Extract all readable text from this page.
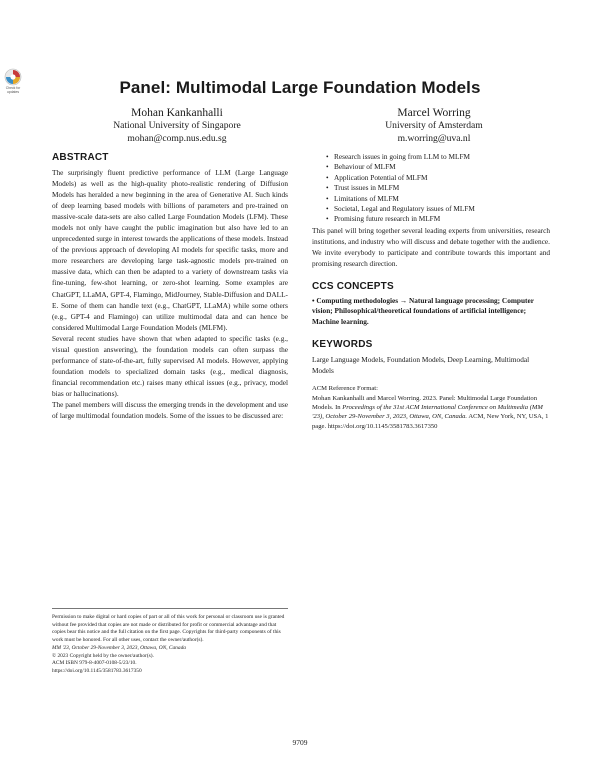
Check for
updates	Panel: Multimodal Large Foundation Models
Mohan Kankanhalli
National University of Singapore
mohan@comp.nus.edu.sg
Marcel Worring
University of Amsterdam
m.worring@uva.nl
ABSTRACT

The surprisingly fluent predictive performance of LLM (Large Language Models) as well as the high-quality photo-realistic rendering of Diffusion Models has heralded a new beginning in the area of Generative AI. Such kinds of deep learning based models with billions of parameters and pre-trained on massive-scale data-sets are also called Large Foundation Models (LFM). These models not only have caught the public imagination but also have led to an unprecedented surge in interest towards the applications of these models. Instead of the previous approach of developing AI models for specific tasks, more and more researchers are developing large task-agnostic models pre-trained on massive data, which can then be adapted to a variety of downstream tasks via fine-tuning, few-shot learning, or zero-shot learning. Some examples are ChatGPT, LLaMA, GPT-4, Flamingo, MidJourney, Stable-Diffusion and DALL-E. Some of them can handle text (e.g., ChatGPT, LLaMA) while some others (e.g., GPT-4 and Flamingo) can utilize multimodal data and can hence be considered Multimodal Large Foundation Models (MLFM).

Several recent studies have shown that when adapted to specific tasks (e.g., visual question answering), the foundation models can often surpass the performance of state-of-the-art, fully supervised AI models. However, applying foundation models to specialized domain tasks (e.g., medical diagnosis, financial recommendation etc.) raises many ethical issues (e.g., privacy, model bias or hallucinations).

The panel members will discuss the emerging trends in the development and use of large multimodal foundation models. Some of the issues to be discussed are:

• Research issues in going from LLM to MLFM
• Behaviour of MLFM
• Application Potential of MLFM
• Trust issues in MLFM
• Limitations of MLFM
• Societal, Legal and Regulatory issues of MLFM
• Promising future research in MLFM

This panel will bring together several leading experts from universities, research institutions, and industry who will discuss and debate together with the audience. We invite everybody to participate and contribute towards this important and promising research direction.

CCS CONCEPTS

• Computing methodologies → Natural language processing; Computer vision; Philosophical/theoretical foundations of artificial intelligence; Machine learning.

KEYWORDS

Large Language Models, Foundation Models, Deep Learning, Multimodal Models

ACM Reference Format:

Mohan Kankanhalli and Marcel Worring. 2023. Panel: Multimodal Large Foundation Models. In Proceedings of the 31st ACM International Conference on Multimedia (MM '23), October 29-November 3, 2023, Ottawa, ON, Canada. ACM, New York, NY, USA, 1 page. https://doi.org/10.1145/3581783.3617350

Permission to make digital or hard copies of part or all of this work for personal or classroom use is granted without fee provided that copies are not made or distributed for profit or commercial advantage and that copies bear this notice and the full citation on the first page. Copyrights for third-party components of this work must be honored. For all other uses, contact the owner/author(s).
MM '23, October 29-November 3, 2023, Ottawa, ON, Canada
© 2023 Copyright held by the owner/author(s).
ACM ISBN 979-8-4007-0108-5/23/10.
https://doi.org/10.1145/3581783.3617350
9709
